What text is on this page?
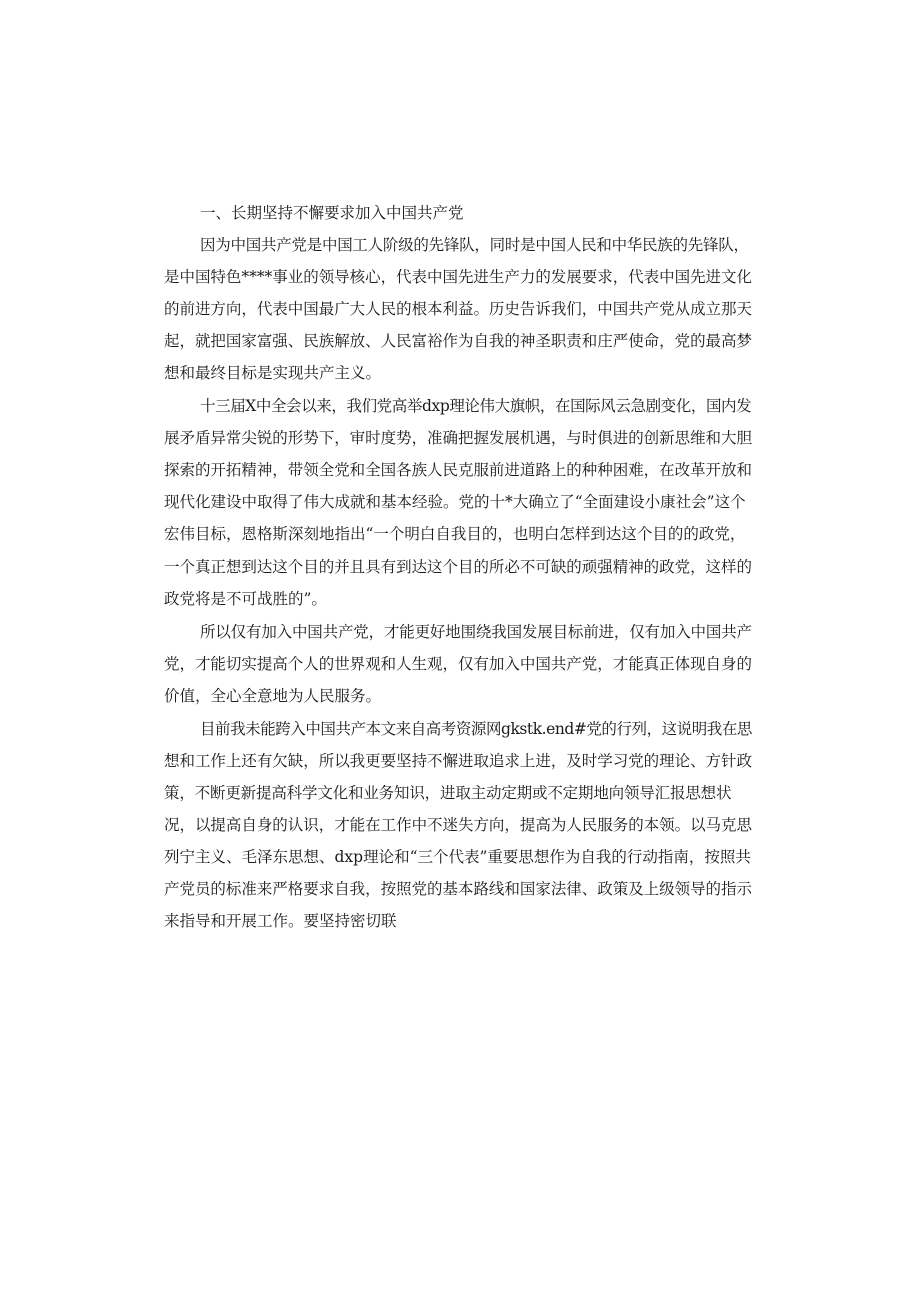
一、长期坚持不懈要求加入中国共产党
因为中国共产党是中国工人阶级的先锋队，同时是中国人民和中华民族的先锋队，
是中国特色****事业的领导核心，代表中国先进生产力的发展要求，代表中国先进文化
的前进方向，代表中国最广大人民的根本利益。历史告诉我们，中国共产党从成立那天
起，就把国家富强、民族解放、人民富裕作为自我的神圣职责和庄严使命，党的最高梦
想和最终目标是实现共产主义。
十三届X中全会以来，我们党高举dxp理论伟大旗帜，在国际风云急剧变化，国内发
展矛盾异常尖锐的形势下，审时度势，准确把握发展机遇，与时俱进的创新思维和大胆
探索的开拓精神，带领全党和全国各族人民克服前进道路上的种种困难，在改革开放和
现代化建设中取得了伟大成就和基本经验。党的十*大确立了“全面建设小康社会”这个
宏伟目标，恩格斯深刻地指出“一个明白自我目的，也明白怎样到达这个目的的政党，
一个真正想到达这个目的并且具有到达这个目的所必不可缺的顽强精神的政党，这样的
政党将是不可战胜的”。
所以仅有加入中国共产党，才能更好地围绕我国发展目标前进，仅有加入中国共产
党，才能切实提高个人的世界观和人生观，仅有加入中国共产党，才能真正体现自身的
价值，全心全意地为人民服务。
目前我未能跨入中国共产本文来自高考资源网gkstk.end#党的行列，这说明我在思
想和工作上还有欠缺，所以我更要坚持不懈进取追求上进，及时学习党的理论、方针政
策，不断更新提高科学文化和业务知识，进取主动定期或不定期地向领导汇报思想状
况，以提高自身的认识，才能在工作中不迷失方向，提高为人民服务的本领。以马克思
列宁主义、毛泽东思想、dxp理论和“三个代表”重要思想作为自我的行动指南，按照共
产党员的标准来严格要求自我，按照党的基本路线和国家法律、政策及上级领导的指示
来指导和开展工作。要坚持密切联
